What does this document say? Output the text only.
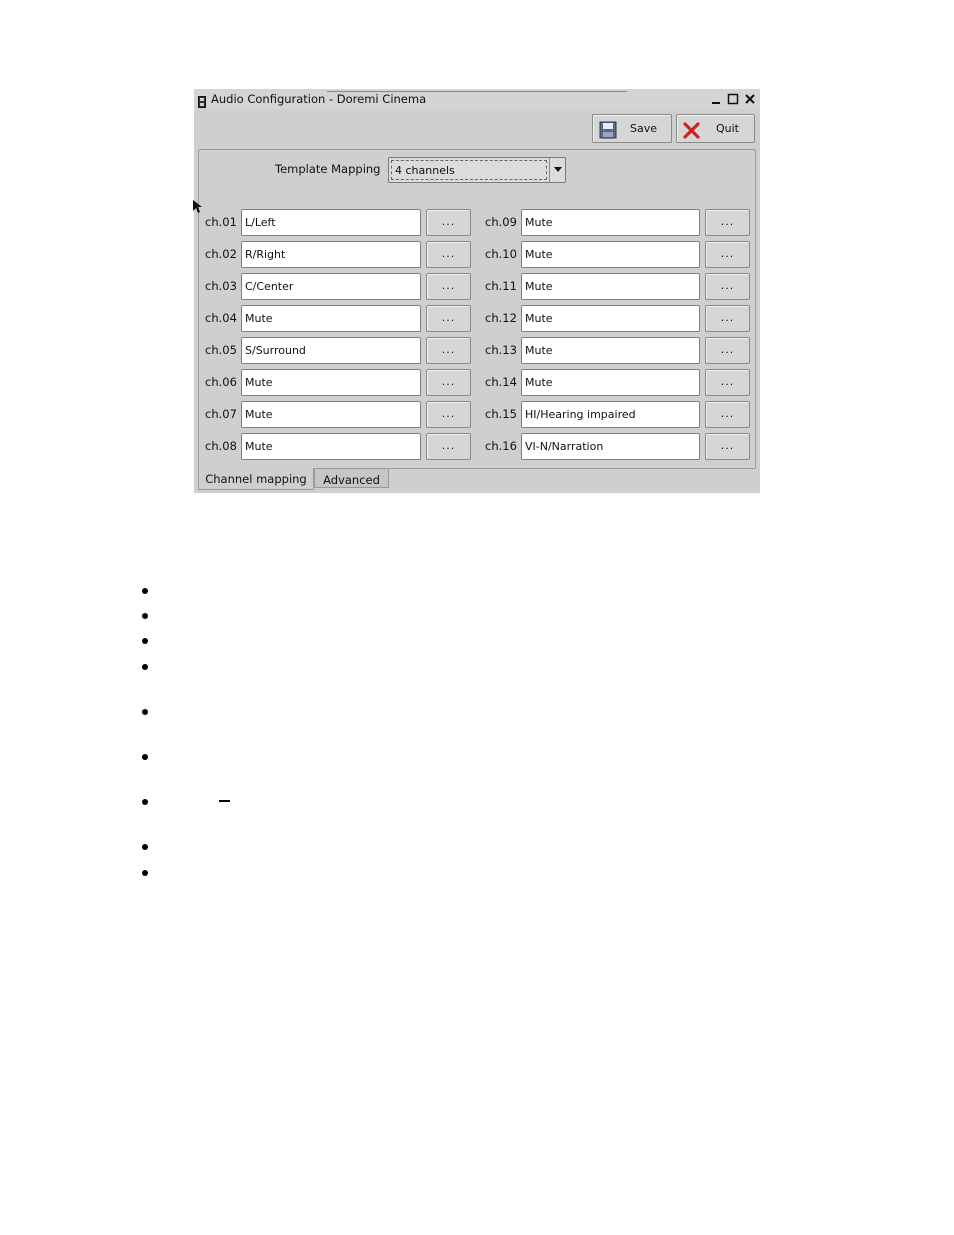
Audio Configuration - Doremi Cinema
Save	Quit
Template Mapping 4 channels
ch.01 L/Left	...
ch.02 R/Right	...
ch.03 C/Center	...
ch.04 Mute	...
ch.05 S/Surround	...
ch.06 Mute	...
ch.07 Mute	...
ch.08 Mute	...
ch.09 Mute	...
ch.10 Mute	...
ch.11 Mute	...
ch.12 Mute	...
ch.13 Mute	...
ch.14 Mute	...
ch.15 HI/Hearing impaired	...
ch.16 VI-N/Narration	...
Channel mapping	Advanced
